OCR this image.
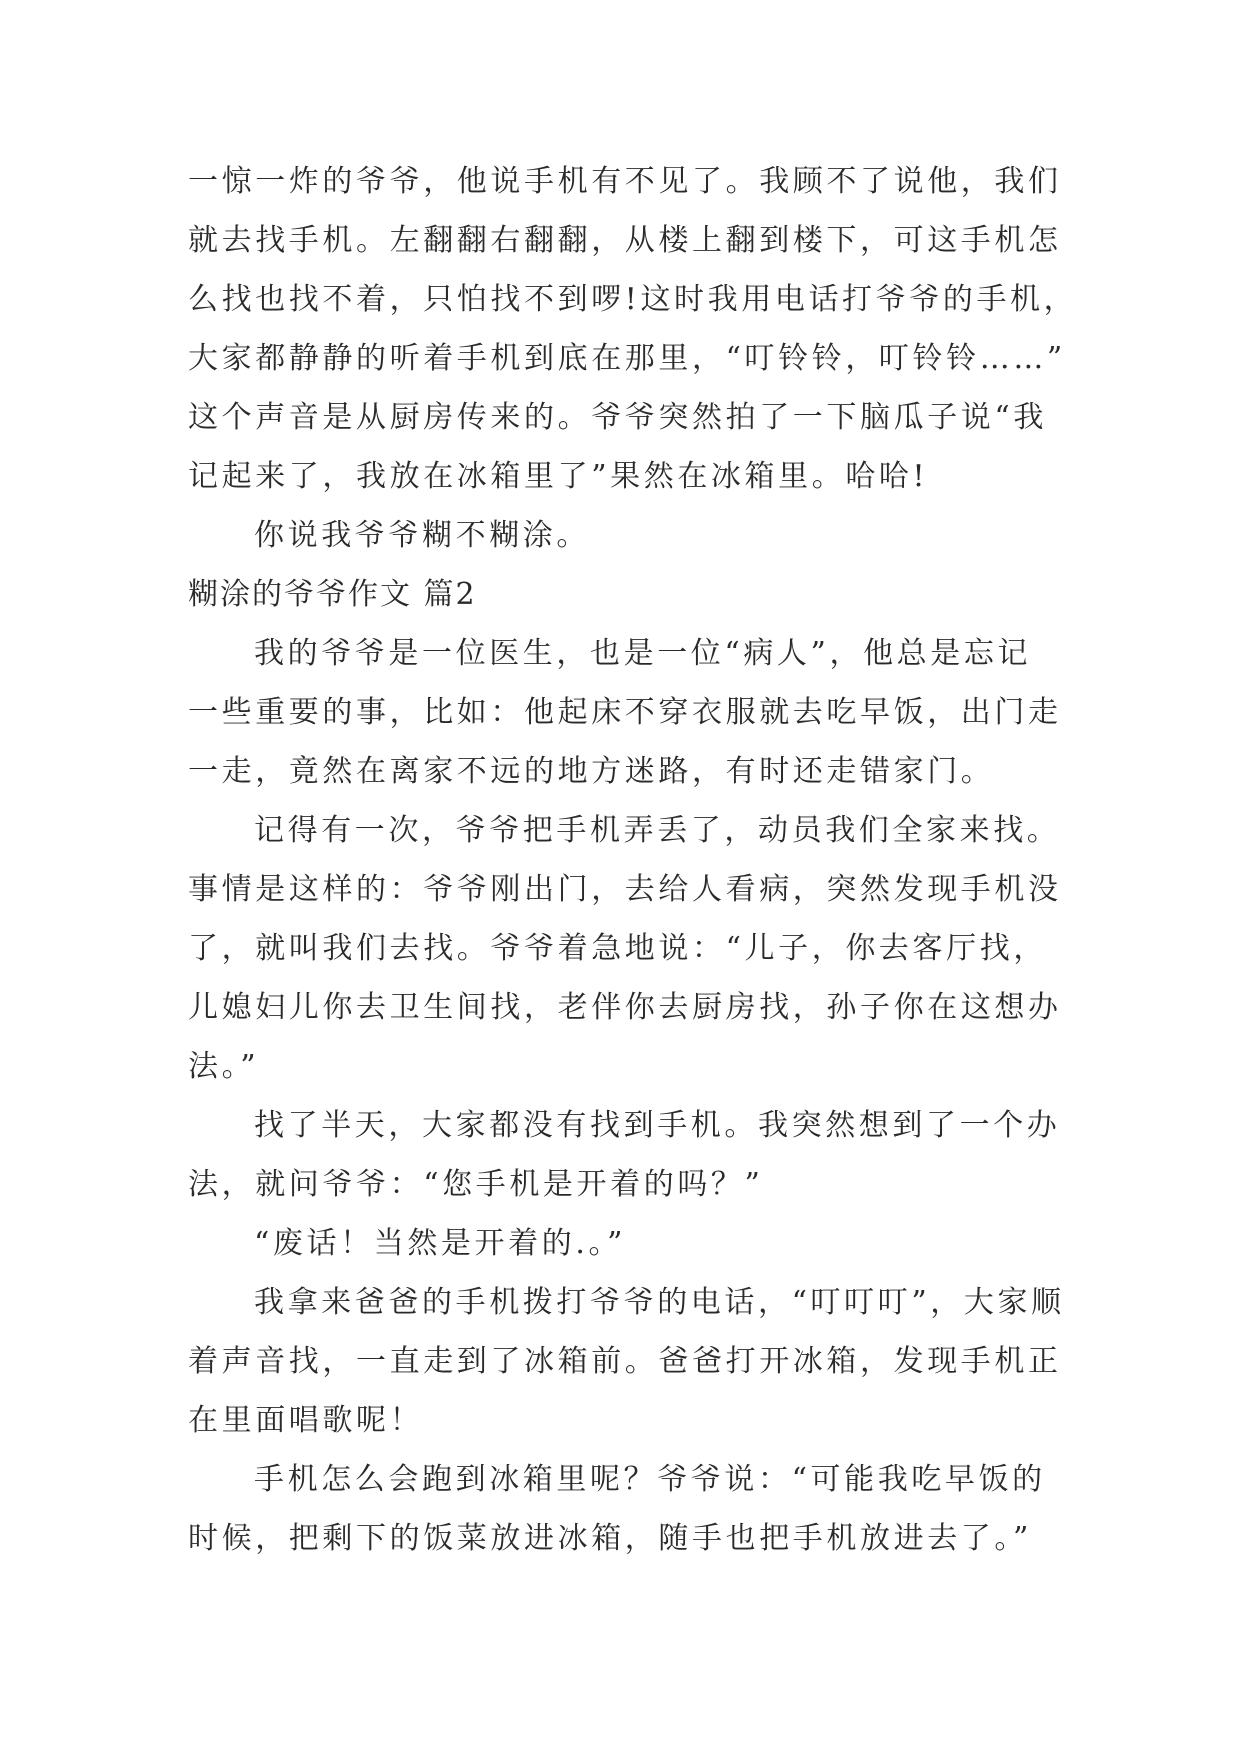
一惊一炸的爷爷，他说手机有不见了。我顾不了说他，我们
就去找手机。左翻翻右翻翻，从楼上翻到楼下，可这手机怎
么找也找不着，只怕找不到啰!这时我用电话打爷爷的手机，
大家都静静的听着手机到底在那里，“叮铃铃，叮铃铃……”
这个声音是从厨房传来的。爷爷突然拍了一下脑瓜子说“我
记起来了，我放在冰箱里了”果然在冰箱里。哈哈!
你说我爷爷糊不糊涂。
糊涂的爷爷作文 篇2
我的爷爷是一位医生，也是一位“病人”，他总是忘记
一些重要的事，比如：他起床不穿衣服就去吃早饭，出门走
一走，竟然在离家不远的地方迷路，有时还走错家门。
记得有一次，爷爷把手机弄丢了，动员我们全家来找。
事情是这样的：爷爷刚出门，去给人看病，突然发现手机没
了，就叫我们去找。爷爷着急地说：“儿子，你去客厅找，
儿媳妇儿你去卫生间找，老伴你去厨房找，孙子你在这想办
法。”
找了半天，大家都没有找到手机。我突然想到了一个办
法，就问爷爷：“您手机是开着的吗？”
“废话！当然是开着的.。”
我拿来爸爸的手机拨打爷爷的电话，“叮叮叮”，大家顺
着声音找，一直走到了冰箱前。爸爸打开冰箱，发现手机正
在里面唱歌呢！
手机怎么会跑到冰箱里呢？爷爷说：“可能我吃早饭的
时候，把剩下的饭菜放进冰箱，随手也把手机放进去了。”
